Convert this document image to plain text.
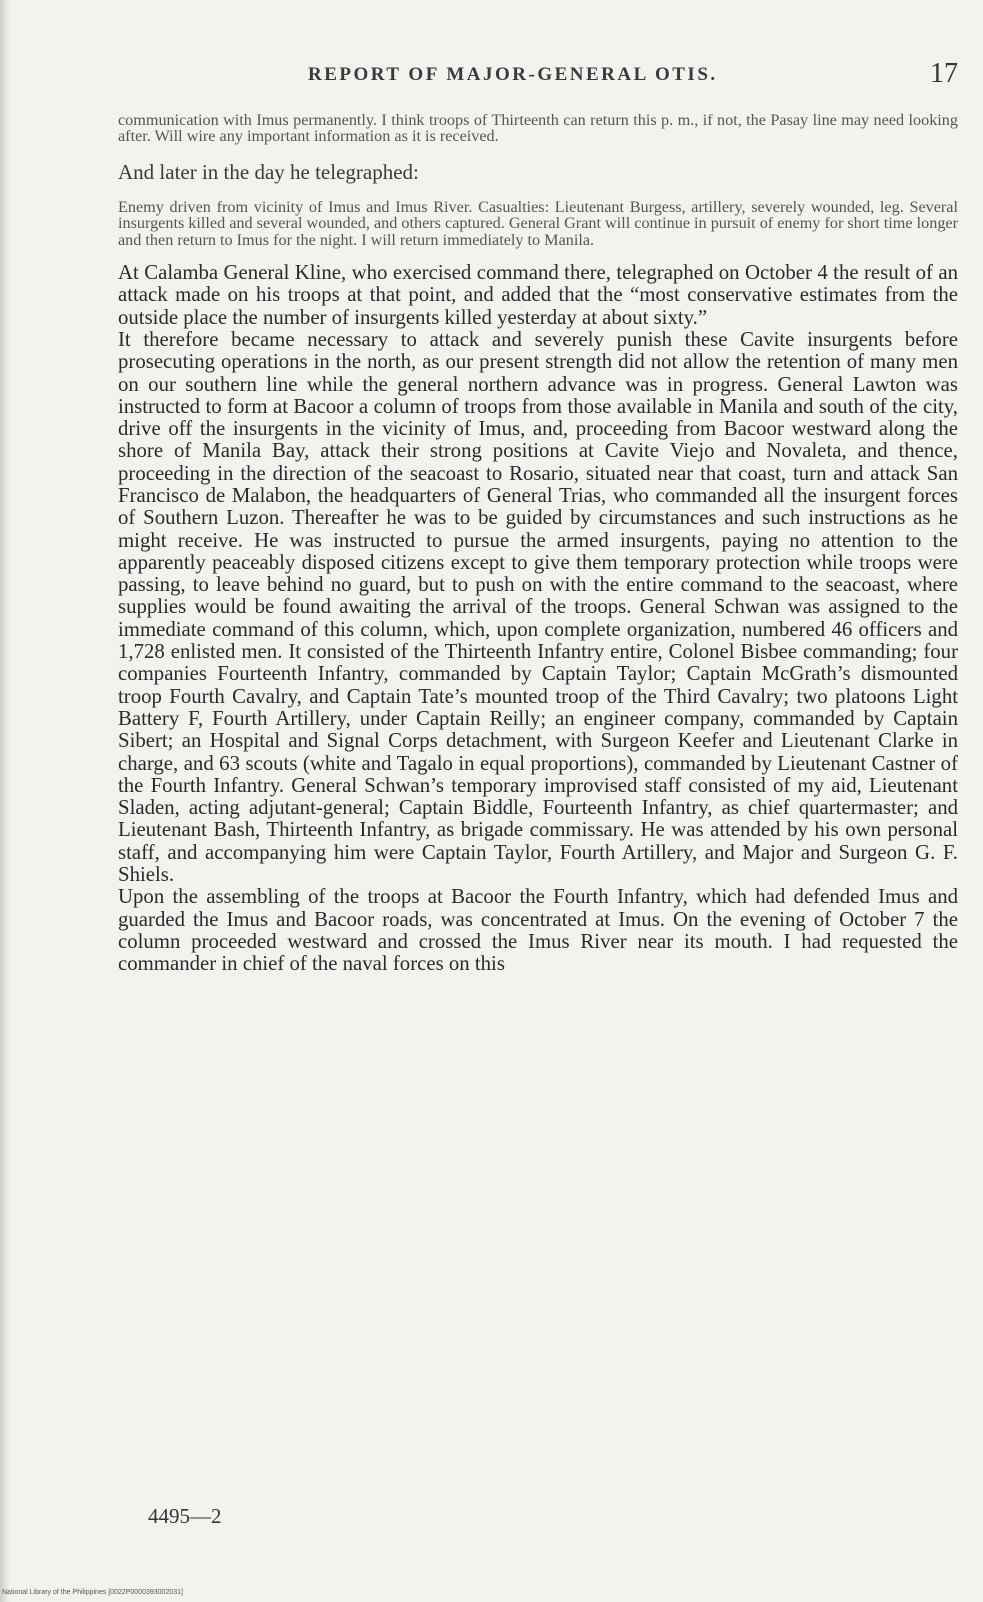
REPORT OF MAJOR-GENERAL OTIS.	17

communication with Imus permanently. I think troops of Thirteenth can return this p. m., if not, the Pasay line may need looking after. Will wire any important information as it is received.

And later in the day he telegraphed:

Enemy driven from vicinity of Imus and Imus River. Casualties: Lieutenant Burgess, artillery, severely wounded, leg. Several insurgents killed and several wounded, and others captured. General Grant will continue in pursuit of enemy for short time longer and then return to Imus for the night. I will return immediately to Manila.

At Calamba General Kline, who exercised command there, telegraphed on October 4 the result of an attack made on his troops at that point, and added that the “most conservative estimates from the outside place the number of insurgents killed yesterday at about sixty.”

It therefore became necessary to attack and severely punish these Cavite insurgents before prosecuting operations in the north, as our present strength did not allow the retention of many men on our southern line while the general northern advance was in progress. General Lawton was instructed to form at Bacoor a column of troops from those available in Manila and south of the city, drive off the insurgents in the vicinity of Imus, and, proceeding from Bacoor westward along the shore of Manila Bay, attack their strong positions at Cavite Viejo and Novaleta, and thence, proceeding in the direction of the seacoast to Rosario, situated near that coast, turn and attack San Francisco de Malabon, the headquarters of General Trias, who commanded all the insurgent forces of Southern Luzon. Thereafter he was to be guided by circumstances and such instructions as he might receive. He was instructed to pursue the armed insurgents, paying no attention to the apparently peaceably disposed citizens except to give them temporary protection while troops were passing, to leave behind no guard, but to push on with the entire command to the seacoast, where supplies would be found awaiting the arrival of the troops. General Schwan was assigned to the immediate command of this column, which, upon complete organization, numbered 46 officers and 1,728 enlisted men. It consisted of the Thirteenth Infantry entire, Colonel Bisbee commanding; four companies Fourteenth Infantry, commanded by Captain Taylor; Captain McGrath’s dismounted troop Fourth Cavalry, and Captain Tate’s mounted troop of the Third Cavalry; two platoons Light Battery F, Fourth Artillery, under Captain Reilly; an engineer company, commanded by Captain Sibert; an Hospital and Signal Corps detachment, with Surgeon Keefer and Lieutenant Clarke in charge, and 63 scouts (white and Tagalo in equal proportions), commanded by Lieutenant Castner of the Fourth Infantry. General Schwan’s temporary improvised staff consisted of my aid, Lieutenant Sladen, acting adjutant-general; Captain Biddle, Fourteenth Infantry, as chief quartermaster; and Lieutenant Bash, Thirteenth Infantry, as brigade commissary. He was attended by his own personal staff, and accompanying him were Captain Taylor, Fourth Artillery, and Major and Surgeon G. F. Shiels.

Upon the assembling of the troops at Bacoor the Fourth Infantry, which had defended Imus and guarded the Imus and Bacoor roads, was concentrated at Imus. On the evening of October 7 the column proceeded westward and crossed the Imus River near its mouth. I had requested the commander in chief of the naval forces on this

4495—2
National Library of the Philippines [0022P0000393002031]
